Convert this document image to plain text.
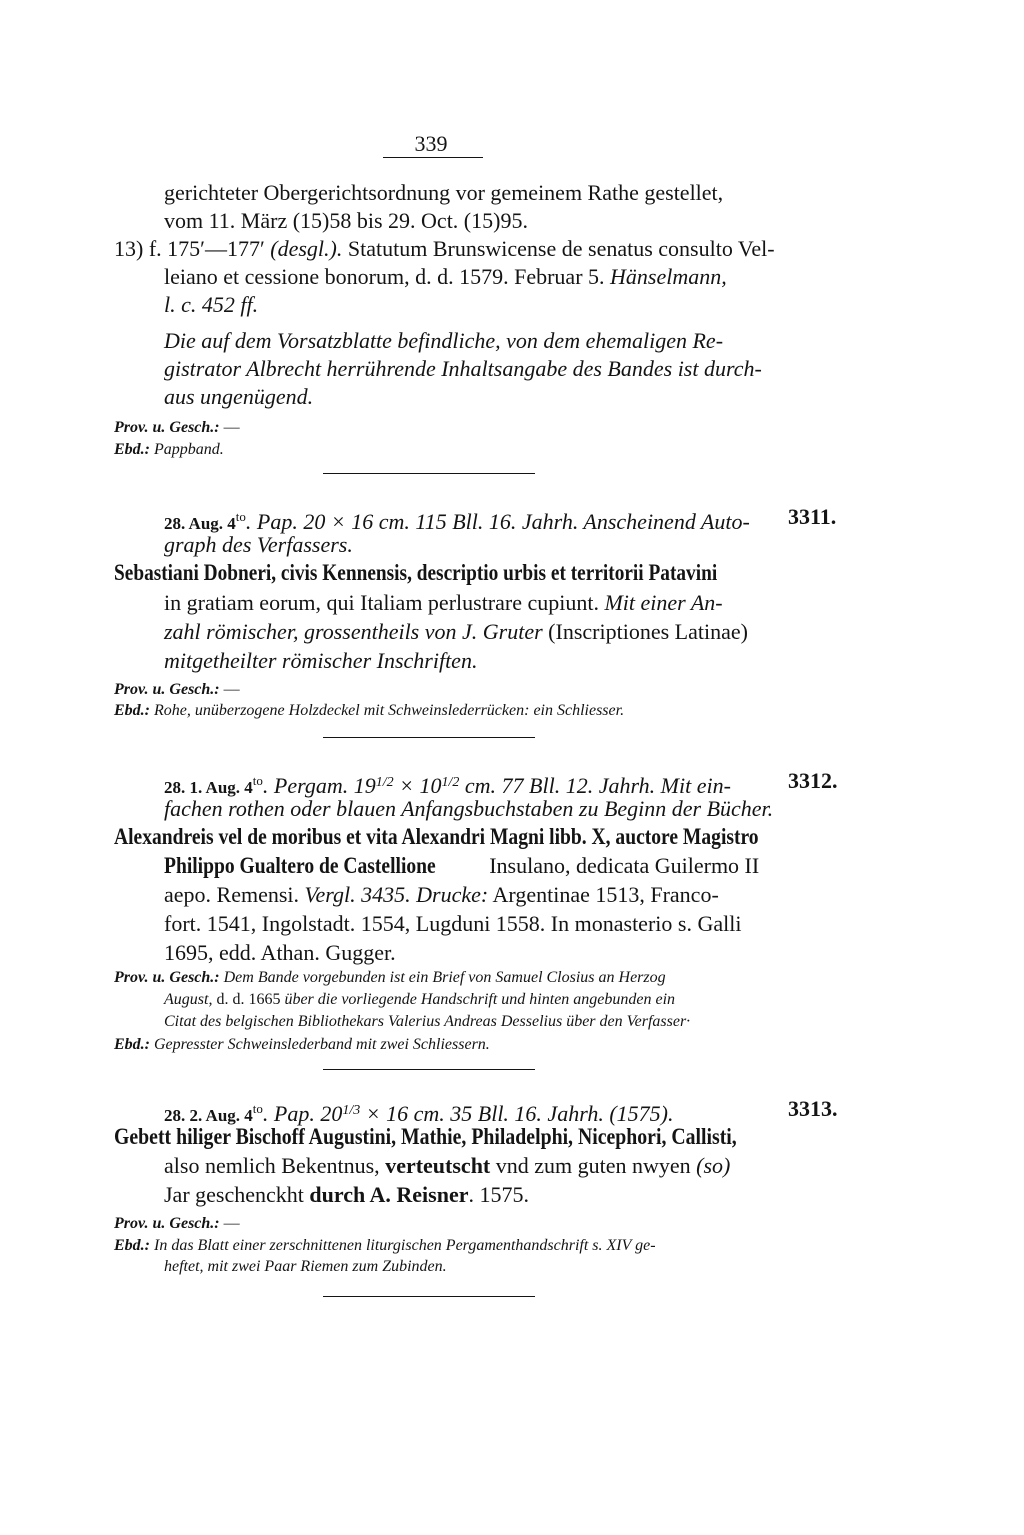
339
gerichteter Obergerichtsordnung vor gemeinem Rathe gestellet,
vom 11. März (15)58 bis 29. Oct. (15)95.
13) f. 175′—177′ (desgl.). Statutum Brunswicense de senatus consulto Vel-
leiano et cessione bonorum, d. d. 1579. Februar 5. Hänselmann,
l. c. 452 ff.
Die auf dem Vorsatzblatte befindliche, von dem ehemaligen Re-
gistrator Albrecht herrührende Inhaltsangabe des Bandes ist durch-
aus ungenügend.
Prov. u. Gesch.: —
Ebd.: Pappband.
28. Aug. $4^{to}$. Pap. 20 × 16 cm. 115 Bll. 16. Jahrh. Anscheinend Auto- 3311.
graph des Verfassers.
Sebastiani Dobneri, civis Kennensis, descriptio urbis et territorii Patavini
in gratiam eorum, qui Italiam perlustrare cupiunt. Mit einer An-
zahl römischer, grossentheils von J. Gruter (Inscriptiones Latinae)
mitgetheilter römischer Inschriften.
Prov. u. Gesch.: —
Ebd.: Rohe, unüberzogene Holzdeckel mit Schweinslederrücken: ein Schliesser.
28. 1. Aug. $4^{to}$. Pergam. $19^{1/2} \times 10^{1/2}$ cm. 77 Bll. 12. Jahrh. Mit ein-	3312.
fachen rothen oder blauen Anfangsbuchstaben zu Beginn der Bücher.
Alexandreis vel de moribus et vita Alexandri Magni libb. X, auctore Magistro
Philippo Gualtero de Castellione Insulano, dedicata Guilermo II
aepo. Remensi. Vergl. 3435. Drucke: Argentinae 1513, Franco-
fort. 1541, Ingolstadt. 1554, Lugduni 1558. In monasterio s. Galli
1695, edd. Athan. Gugger.
Prov. u. Gesch.: Dem Bande vorgebunden ist ein Brief von Samuel Closius an Herzog
August, d. d. 1665 über die vorliegende Handschrift und hinten angebunden ein
Citat des belgischen Bibliothekars Valerius Andreas Desselius über den Verfasser·
Ebd.: Gepresster Schweinslederband mit zwei Schliessern.
28. 2. Aug. $4^{to}$. Pap. $20^{1/3} \times 16$ cm. 35 Bll. 16. Jahrh. (1575).	3313.
Gebett hiliger Bischoff Augustini, Mathie, Philadelphi, Nicephori, Callisti,
also nemlich Bekentnus, verteutscht vnd zum guten nwyen (so)
Jar geschenckht durch A. Reisner. 1575.
Prov. u. Gesch.: —
Ebd.: In das Blatt einer zerschnittenen liturgischen Pergamenthandschrift s. XIV ge-
heftet, mit zwei Paar Riemen zum Zubinden.
